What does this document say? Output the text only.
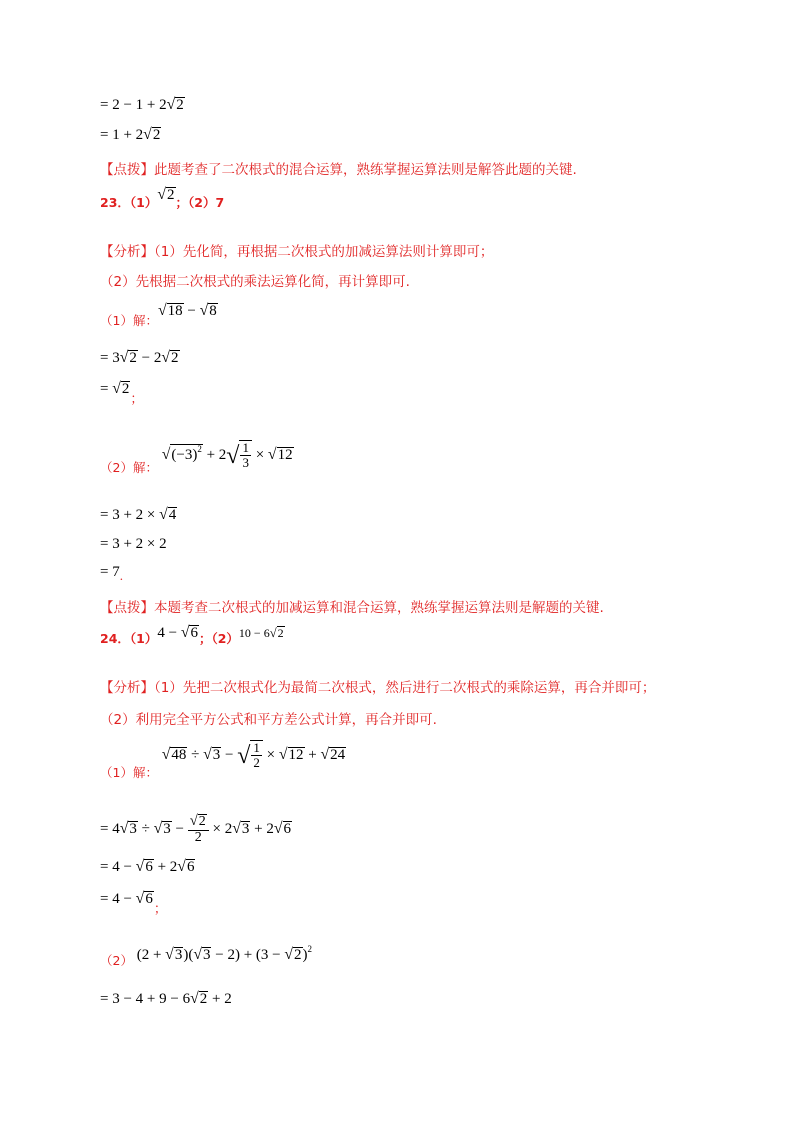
= 2 − 1 + 2√2
= 1 + 2√2
【点拨】此题考查了二次根式的混合运算，熟练掌握运算法则是解答此题的关键.
23．（1）√2；（2）7
【分析】（1）先化简，再根据二次根式的加减运算法则计算即可；
（2）先根据二次根式的乘法运算化简，再计算即可.
$_{(1)解:}$√18 − √8
= 3√2 − 2√2
= √2；
$_{(2)解:}$ $√(-3)^2 + 2√ \frac{1}{3} \times √12$
= 3 + 2 × √4
= 3 + 2 × 2
= 7.
【点拨】本题考查二次根式的加减运算和混合运算，熟练掌握运算法则是解题的关键.
24．（1）4 − √6；$(2)^{10 - 6√2}$
【分析】（1）先把二次根式化为最简二次根式，然后进行二次根式的乘除运算，再合并即可；
（2）利用完全平方公式和平方差公式计算，再合并即可.
$_{(1)解:}$ √48 ÷ √3 − √ $\frac{1}{2} \times √12 + √24$
= $4√3 \div √3 - \frac{√2}{2} \times 2√3 + 2√6$
= 4 − √6 + 2√6
= 4 − √6；
$_{(2)}$ $(2 + √3)(√3 - 2) + (3 - √2)^2$
= 3 − 4 + 9 − 6√2 + 2
